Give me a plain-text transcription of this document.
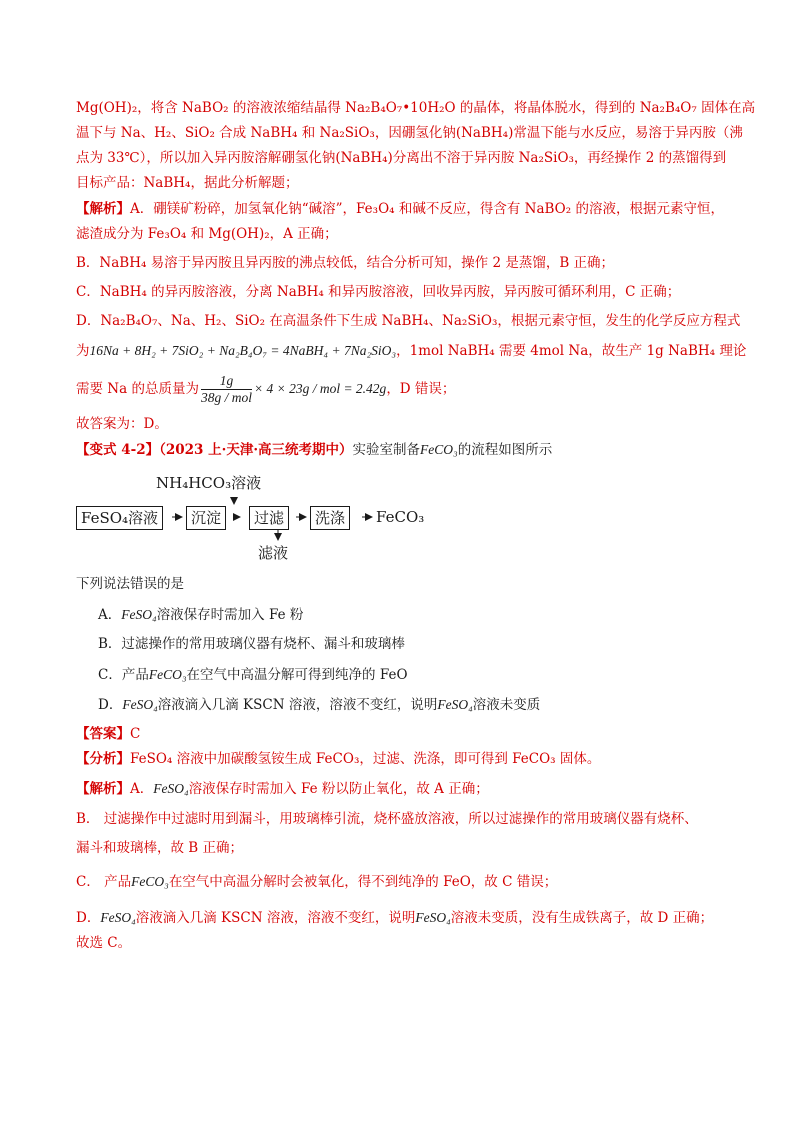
Mg(OH)₂，将含 NaBO₂ 的溶液浓缩结晶得 Na₂B₄O₇•10H₂O 的晶体，将晶体脱水，得到的 Na₂B₄O₇ 固体在高
温下与 Na、H₂、SiO₂ 合成 NaBH₄ 和 Na₂SiO₃，因硼氢化钠(NaBH₄)常温下能与水反应，易溶于异丙胺（沸
点为 33℃），所以加入异丙胺溶解硼氢化钠(NaBH₄)分离出不溶于异丙胺 Na₂SiO₃，再经操作 2 的蒸馏得到
目标产品：NaBH₄，据此分析解题；
【解析】A．硼镁矿粉碎，加氢氧化钠“碱溶”，Fe₃O₄ 和碱不反应，得含有 NaBO₂ 的溶液，根据元素守恒，
滤渣成分为 Fe₃O₄ 和 Mg(OH)₂，A 正确；
B．NaBH₄ 易溶于异丙胺且异丙胺的沸点较低，结合分析可知，操作 2 是蒸馏，B 正确；
C．NaBH₄ 的异丙胺溶液，分离 NaBH₄ 和异丙胺溶液，回收异丙胺，异丙胺可循环利用，C 正确；
D．Na₂B₄O₇、Na、H₂、SiO₂ 在高温条件下生成 NaBH₄、Na₂SiO₃，根据元素守恒，发生的化学反应方程式
为16Na + 8H₂ + 7SiO₂ + Na₂B₄O₇ = 4NaBH₄ + 7Na₂SiO₃，1mol NaBH₄ 需要 4mol Na，故生产 1g NaBH₄ 理论
需要 Na 的总质量为 $\frac{1g}{\text{38g / mol}} \times 4 \times 23g$ / mol = 2.42g，D 错误；
故答案为：D。
【变式 4-2】（2023 上·天津·高三统考期中）实验室制备FeCO₃的流程如图所示
NH₄HCO₃溶液
FeSO₄溶液	沉淀	过滤	洗涤	FeCO₃
滤液
下列说法错误的是
A．FeSO₄溶液保存时需加入 Fe 粉
B．过滤操作的常用玻璃仪器有烧杯、漏斗和玻璃棒
C．产品FeCO₃在空气中高温分解可得到纯净的 FeO
D．FeSO₄溶液滴入几滴 KSCN 溶液，溶液不变红，说明FeSO₄溶液未变质
【答案】C
【分析】FeSO₄ 溶液中加碳酸氢铵生成 FeCO₃，过滤、洗涤，即可得到 FeCO₃ 固体。
【解析】A．FeSO₄溶液保存时需加入 Fe 粉以防止氧化，故 A 正确；
B． 过滤操作中过滤时用到漏斗，用玻璃棒引流，烧杯盛放溶液，所以过滤操作的常用玻璃仪器有烧杯、
漏斗和玻璃棒，故 B 正确；
C． 产品FeCO₃在空气中高温分解时会被氧化，得不到纯净的 FeO，故 C 错误；
D．FeSO₄溶液滴入几滴 KSCN 溶液，溶液不变红，说明FeSO₄溶液未变质，没有生成铁离子，故 D 正确；
故选 C。
